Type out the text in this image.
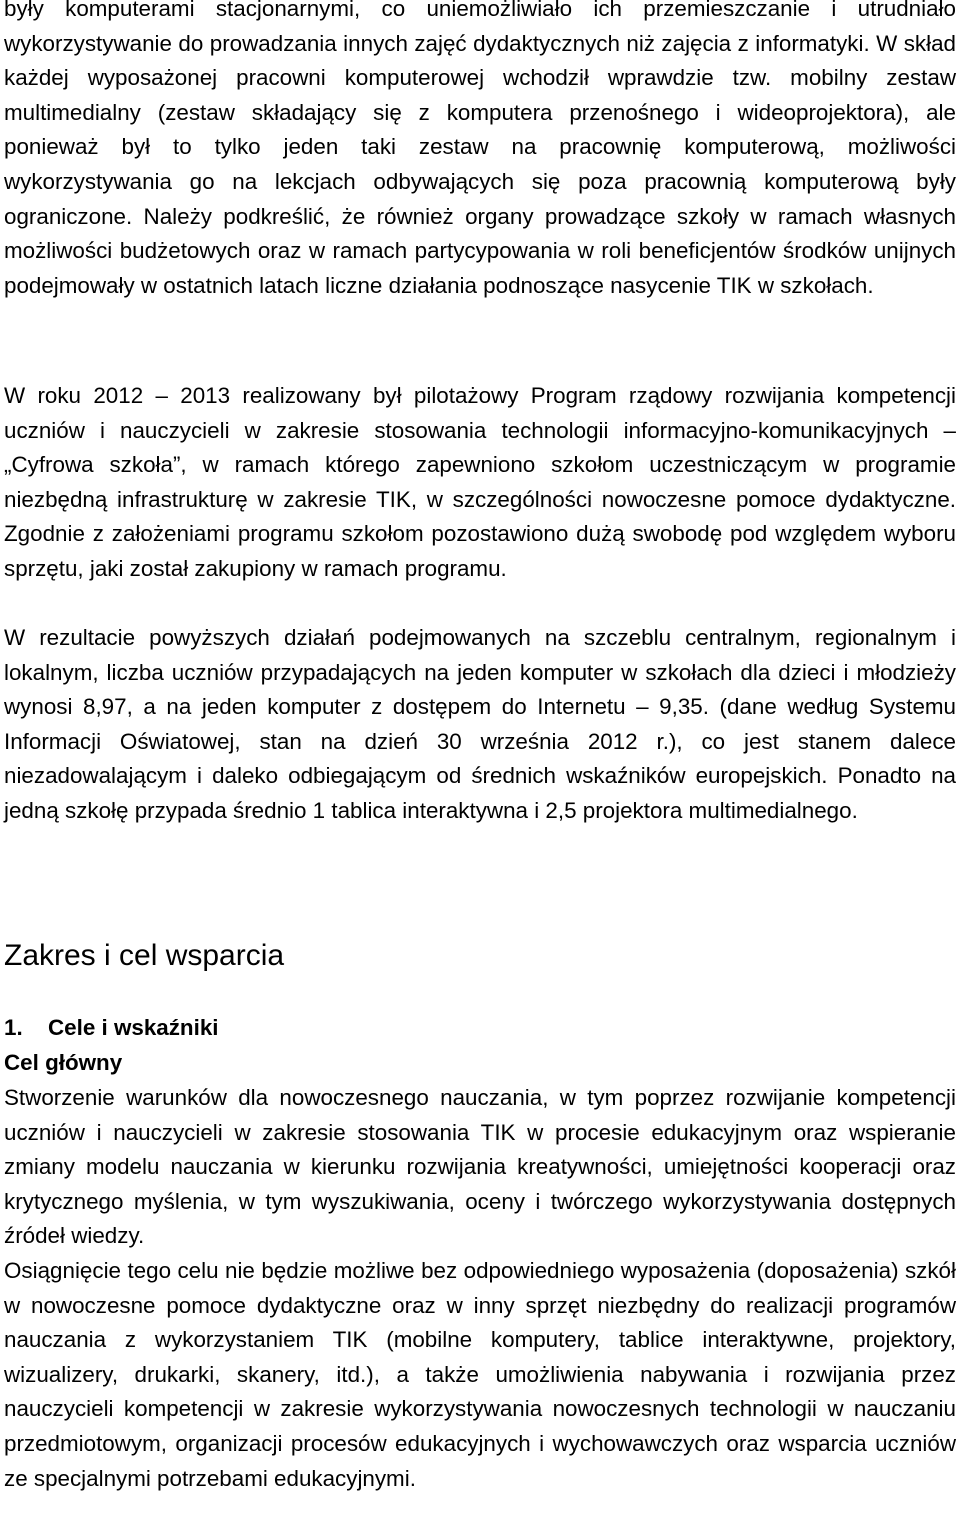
były komputerami stacjonarnymi, co uniemożliwiało ich przemieszczanie i utrudniało wykorzystywanie do prowadzania innych zajęć dydaktycznych niż zajęcia z informatyki. W skład każdej wyposażonej pracowni komputerowej wchodził wprawdzie tzw. mobilny zestaw multimedialny (zestaw składający się z komputera przenośnego i wideoprojektora), ale ponieważ był to tylko jeden taki zestaw na pracownię komputerową, możliwości wykorzystywania go na lekcjach odbywających się poza pracownią komputerową były ograniczone. Należy podkreślić, że również organy prowadzące szkoły w ramach własnych możliwości budżetowych oraz w ramach partycypowania w roli beneficjentów środków unijnych podejmowały w ostatnich latach liczne działania podnoszące nasycenie TIK w szkołach.

W roku 2012 – 2013 realizowany był pilotażowy Program rządowy rozwijania kompetencji uczniów i nauczycieli w zakresie stosowania technologii informacyjno-komunikacyjnych – „Cyfrowa szkoła”, w ramach którego zapewniono szkołom uczestniczącym w programie niezbędną infrastrukturę w zakresie TIK, w szczególności nowoczesne pomoce dydaktyczne. Zgodnie z założeniami programu szkołom pozostawiono dużą swobodę pod względem wyboru sprzętu, jaki został zakupiony w ramach programu.

W rezultacie powyższych działań podejmowanych na szczeblu centralnym, regionalnym i lokalnym, liczba uczniów przypadających na jeden komputer w szkołach dla dzieci i młodzieży wynosi 8,97, a na jeden komputer z dostępem do Internetu – 9,35. (dane według Systemu Informacji Oświatowej, stan na dzień 30 września 2012 r.), co jest stanem dalece niezadowalającym i daleko odbiegającym od średnich wskaźników europejskich. Ponadto na jedną szkołę przypada średnio 1 tablica interaktywna i 2,5 projektora multimedialnego.

Zakres i cel wsparcia
1. Cele i wskaźniki
Cel główny

Stworzenie warunków dla nowoczesnego nauczania, w tym poprzez rozwijanie kompetencji uczniów i nauczycieli w zakresie stosowania TIK w procesie edukacyjnym oraz wspieranie zmiany modelu nauczania w kierunku rozwijania kreatywności, umiejętności kooperacji oraz krytycznego myślenia, w tym wyszukiwania, oceny i twórczego wykorzystywania dostępnych źródeł wiedzy.

Osiągnięcie tego celu nie będzie możliwe bez odpowiedniego wyposażenia (doposażenia) szkół w nowoczesne pomoce dydaktyczne oraz w inny sprzęt niezbędny do realizacji programów nauczania z wykorzystaniem TIK (mobilne komputery, tablice interaktywne, projektory, wizualizery, drukarki, skanery, itd.), a także umożliwienia nabywania i rozwijania przez nauczycieli kompetencji w zakresie wykorzystywania nowoczesnych technologii w nauczaniu przedmiotowym, organizacji procesów edukacyjnych i wychowawczych oraz wsparcia uczniów ze specjalnymi potrzebami edukacyjnymi.
